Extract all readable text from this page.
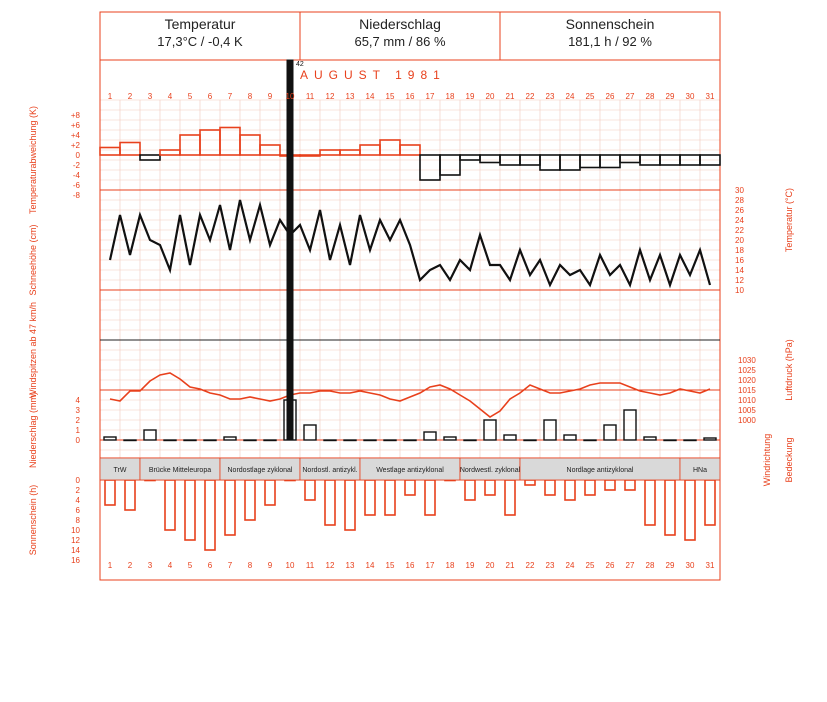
Temperatur
17,3°C / -0,4 K
Niederschlag
65,7 mm / 86 %
Sonnenschein
181,1 h / 92 %
AUGUST 1981
1
1
2
2
3
3
4
4
5
5
6
6
7
7
8
8
9
9
10
10
11
11
12
12
13
13
14
14
15
15
16
16
17
17
18
18
19
19
20
20
21
21
22
22
23
23
24
24
25
25
26
26
27
27
28
28
29
29
30
30
31
31
+8
+6
+4
+2
0
-2
-4
-6
-8
30
28
26
24
22
20
18
16
14
12
10
1030
1025
1020
1015
1010
1005
1000
4
3
2
1
0
0
2
4
6
8
10
12
14
16
TrW	Brücke Mitteleuropa Nordostlage zyklonal Nordostl. antizykl.	Westlage antizyklonal Nordwestl. zyklonal	Nordlage antizyklonal	HNa
42
Temperaturabweichung (K)
Schneehöhe (cm)
Windspitzen ab 47 km/h
Niederschlag (mm)
Sonnenschein (h)
Temperatur (°C)
Luftdruck (hPa)
Windrichtung Bedeckung
